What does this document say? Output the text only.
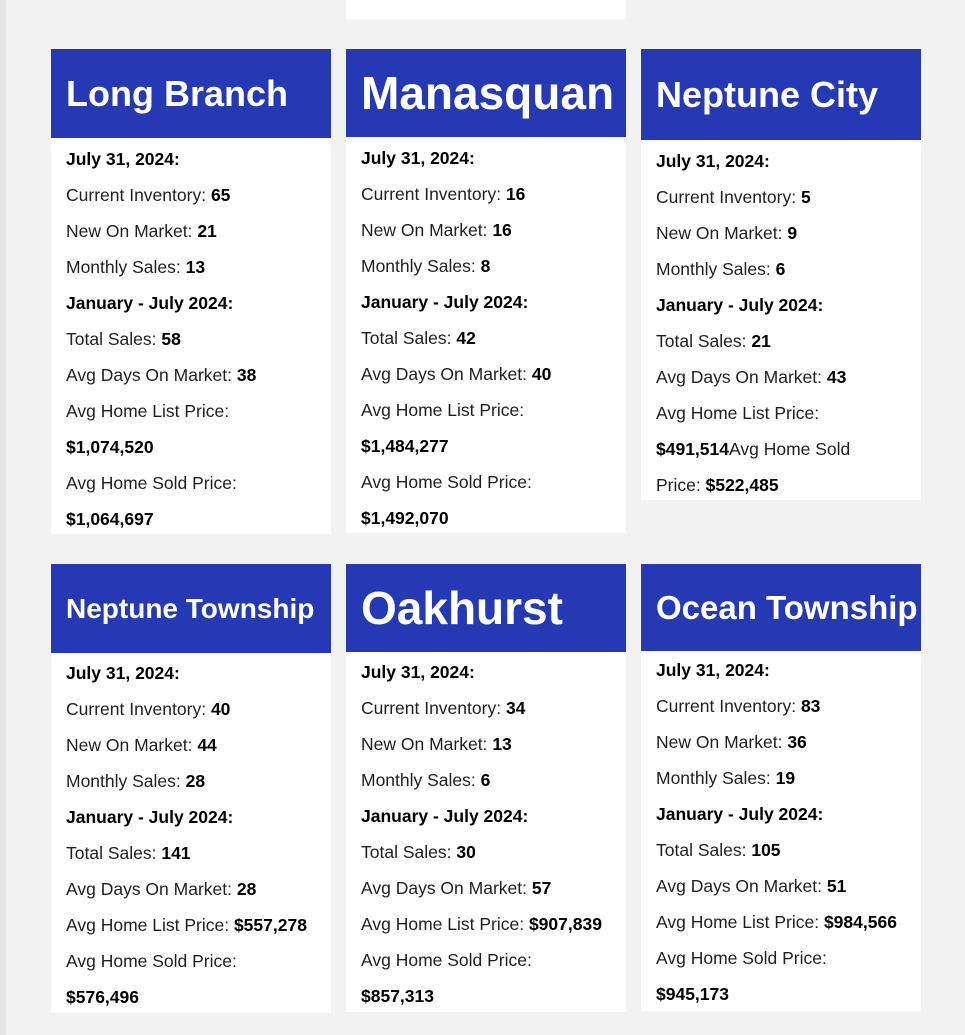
Long Branch
July 31, 2024:
Current Inventory: 65
New On Market: 21
Monthly Sales: 13
January - July 2024:
Total Sales: 58
Avg Days On Market: 38
Avg Home List Price:
$1,074,520
Avg Home Sold Price:
$1,064,697
Manasquan
July 31, 2024:
Current Inventory: 16
New On Market: 16
Monthly Sales: 8
January - July 2024:
Total Sales: 42
Avg Days On Market: 40
Avg Home List Price:
$1,484,277
Avg Home Sold Price:
$1,492,070
Neptune City
July 31, 2024:
Current Inventory: 5
New On Market: 9
Monthly Sales: 6
January - July 2024:
Total Sales: 21
Avg Days On Market: 43
Avg Home List Price:
$491,514Avg Home Sold
Price: $522,485
Neptune Township
July 31, 2024:
Current Inventory: 40
New On Market: 44
Monthly Sales: 28
January - July 2024:
Total Sales: 141
Avg Days On Market: 28
Avg Home List Price: $557,278
Avg Home Sold Price:
$576,496
Oakhurst
July 31, 2024:
Current Inventory: 34
New On Market: 13
Monthly Sales: 6
January - July 2024:
Total Sales: 30
Avg Days On Market: 57
Avg Home List Price: $907,839
Avg Home Sold Price:
$857,313
Ocean Township
July 31, 2024:
Current Inventory: 83
New On Market: 36
Monthly Sales: 19
January - July 2024:
Total Sales: 105
Avg Days On Market: 51
Avg Home List Price: $984,566
Avg Home Sold Price:
$945,173
